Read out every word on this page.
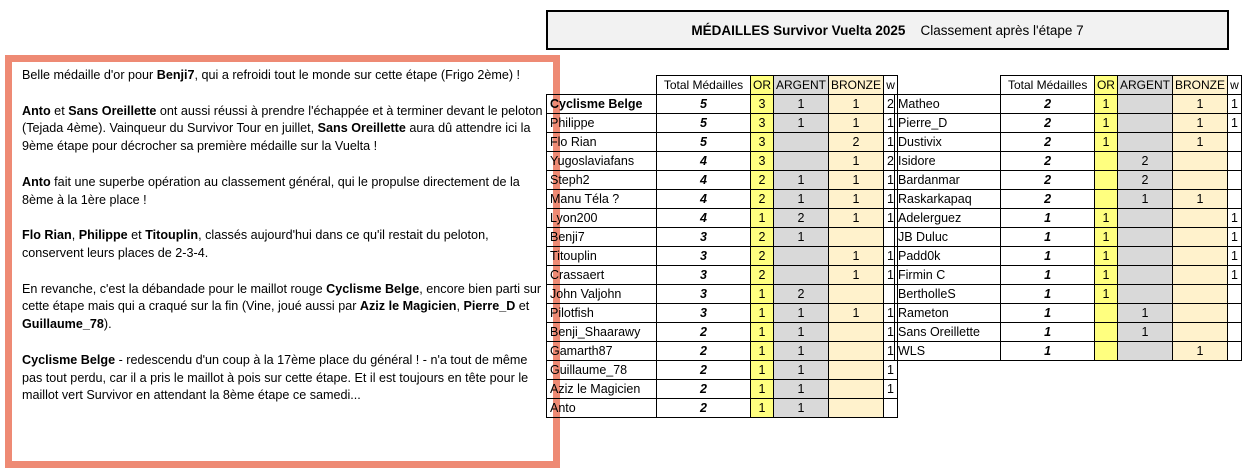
Belle médaille d'or pour Benji7, qui a refroidi tout le monde sur cette étape (Frigo 2ème) !

Anto et Sans Oreillette ont aussi réussi à prendre l'échappée et à terminer devant le peloton (Tejada 4ème). Vainqueur du Survivor Tour en juillet, Sans Oreillette aura dû attendre ici la 9ème étape pour décrocher sa première médaille sur la Vuelta !

Anto fait une superbe opération au classement général, qui le propulse directement de la 8ème à la 1ère place !

Flo Rian, Philippe et Titouplin, classés aujourd'hui dans ce qu'il restait du peloton, conservent leurs places de 2-3-4.

En revanche, c'est la débandade pour le maillot rouge Cyclisme Belge, encore bien parti sur cette étape mais qui a craqué sur la fin (Vine, joué aussi par Aziz le Magicien, Pierre_D et Guillaume_78).

Cyclisme Belge - redescendu d'un coup à la 17ème place du général ! - n'a tout de même pas tout perdu, car il a pris le maillot à pois sur cette étape. Et il est toujours en tête pour le maillot vert Survivor en attendant la 8ème étape ce samedi...

MÉDAILLES Survivor Vuelta 2025 Classement après l'étape 7
	Total Médailles	OR	ARGENT	BRONZE	w
Cyclisme Belge	5	3	1	1	2
Philippe	5	3	1	1	1
Flo Rian	5	3		2	1
Yugoslaviafans	4	3		1	2
Steph2	4	2	1	1	1
Manu Téla ?	4	2	1	1	1
Lyon200	4	1	2	1	1
Benji7	3	2	1		
Titouplin	3	2		1	1
Crassaert	3	2		1	1
John Valjohn	3	1	2		
Pilotfish	3	1	1	1	1
Benji_Shaarawy	2	1	1		1
Gamarth87	2	1	1		1
Guillaume_78	2	1	1		1
Aziz le Magicien	2	1	1		1
Anto	2	1	1		
	Total Médailles	OR	ARGENT	BRONZE	w
Matheo	2	1		1	1
Pierre_D	2	1		1	1
Dustivix	2	1		1	
Isidore	2		2		
Bardanmar	2		2		
Raskarkapaq	2		1	1	
Adelerguez	1	1			1
JB Duluc	1	1			1
Padd0k	1	1			1
Firmin C	1	1			1
BertholleS	1	1			
Rameton	1		1		
Sans Oreillette	1		1		
WLS	1			1	
